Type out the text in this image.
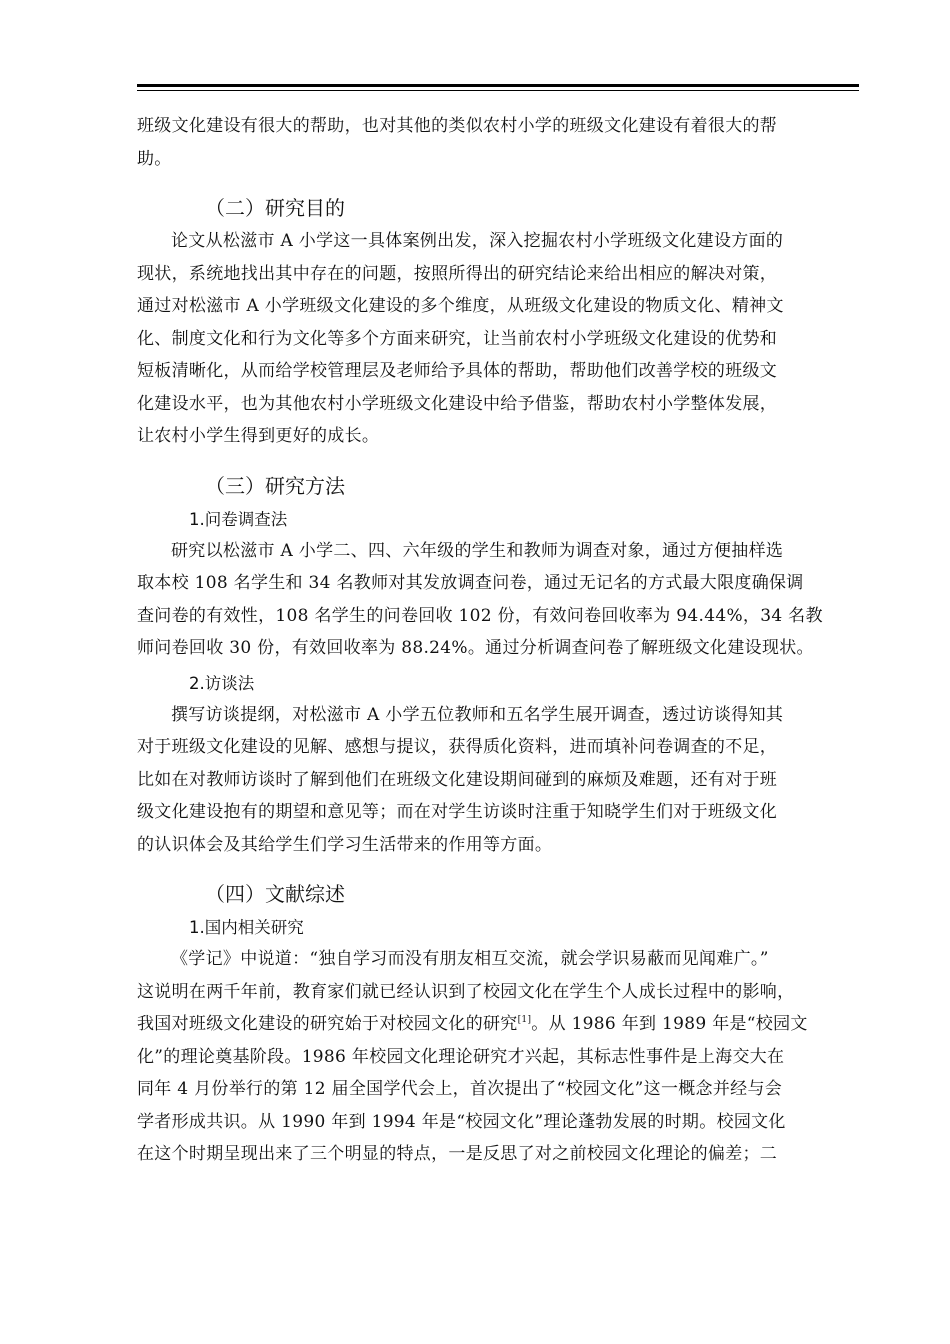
班级文化建设有很大的帮助，也对其他的类似农村小学的班级文化建设有着很大的帮
助。

（二）研究目的

论文从松滋市 A 小学这一具体案例出发，深入挖掘农村小学班级文化建设方面的
现状，系统地找出其中存在的问题，按照所得出的研究结论来给出相应的解决对策，
通过对松滋市 A 小学班级文化建设的多个维度，从班级文化建设的物质文化、精神文
化、制度文化和行为文化等多个方面来研究，让当前农村小学班级文化建设的优势和
短板清晰化，从而给学校管理层及老师给予具体的帮助，帮助他们改善学校的班级文
化建设水平，也为其他农村小学班级文化建设中给予借鉴，帮助农村小学整体发展，
让农村小学生得到更好的成长。

（三）研究方法
1.问卷调查法

研究以松滋市 A 小学二、四、六年级的学生和教师为调查对象，通过方便抽样选
取本校 108 名学生和 34 名教师对其发放调查问卷，通过无记名的方式最大限度确保调
查问卷的有效性，108 名学生的问卷回收 102 份，有效问卷回收率为 94.44%，34 名教
师问卷回收 30 份，有效回收率为 88.24%。通过分析调查问卷了解班级文化建设现状。

2.访谈法

撰写访谈提纲，对松滋市 A 小学五位教师和五名学生展开调查，透过访谈得知其
对于班级文化建设的见解、感想与提议，获得质化资料，进而填补问卷调查的不足，
比如在对教师访谈时了解到他们在班级文化建设期间碰到的麻烦及难题，还有对于班
级文化建设抱有的期望和意见等；而在对学生访谈时注重于知晓学生们对于班级文化
的认识体会及其给学生们学习生活带来的作用等方面。

（四）文献综述
1.国内相关研究

《学记》中说道：“独自学习而没有朋友相互交流，就会学识易蔽而见闻难广。”
这说明在两千年前，教育家们就已经认识到了校园文化在学生个人成长过程中的影响，
我国对班级文化建设的研究始于对校园文化的研究[1]。从 1986 年到 1989 年是“校园文
化”的理论奠基阶段。1986 年校园文化理论研究才兴起，其标志性事件是上海交大在
同年 4 月份举行的第 12 届全国学代会上，首次提出了“校园文化”这一概念并经与会
学者形成共识。从 1990 年到 1994 年是“校园文化”理论蓬勃发展的时期。校园文化
在这个时期呈现出来了三个明显的特点，一是反思了对之前校园文化理论的偏差；二
